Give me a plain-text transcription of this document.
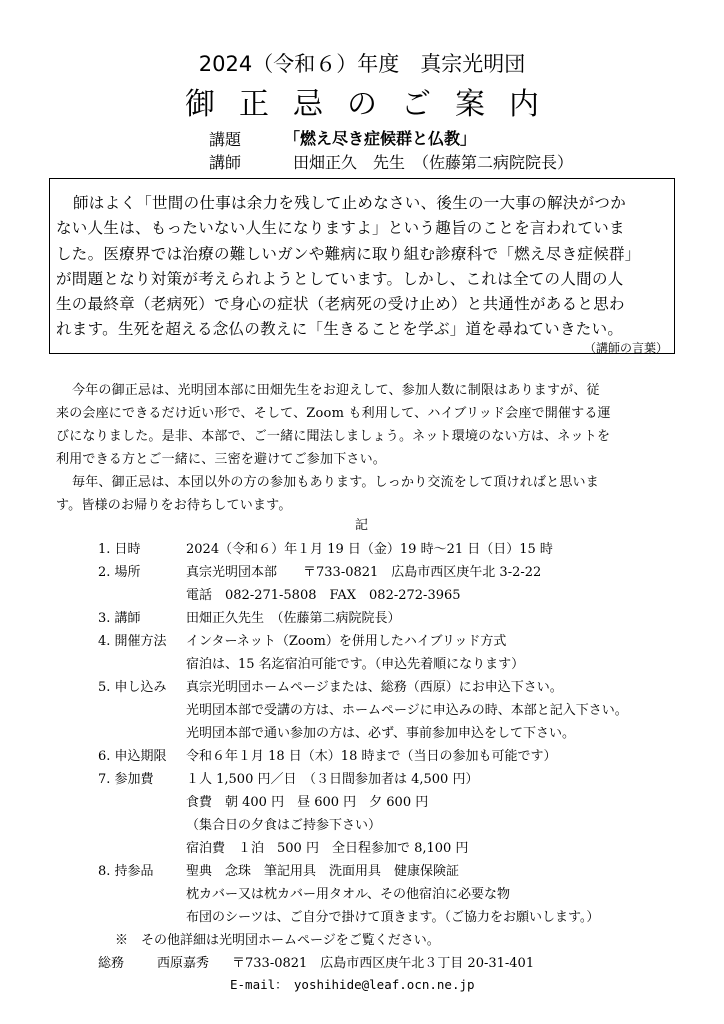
2024（令和６）年度　真宗光明団
御正忌のご案内
講題	「燃え尽き症候群と仏教」
講師	田畑正久　先生　（佐藤第二病院院長）
師はよく「世間の仕事は余力を残して止めなさい、後生の一大事の解決がつか
ない人生は、もったいない人生になりますよ」という趣旨のことを言われていま
した。医療界では治療の難しいガンや難病に取り組む診療科で「燃え尽き症候群」
が問題となり対策が考えられようとしています。しかし、これは全ての人間の人
生の最終章（老病死）で身心の症状（老病死の受け止め）と共通性があると思わ
れます。生死を超える念仏の教えに「生きることを学ぶ」道を尋ねていきたい。
（講師の言葉）
今年の御正忌は、光明団本部に田畑先生をお迎えして、参加人数に制限はありますが、従
来の会座にできるだけ近い形で、そして、Zoom も利用して、ハイブリッド会座で開催する運
びになりました。是非、本部で、ご一緒に聞法しましょう。ネット環境のない方は、ネットを
利用できる方とご一緒に、三密を避けてご参加下さい。
毎年、御正忌は、本団以外の方の参加もあります。しっかり交流をして頂ければと思いま
す。皆様のお帰りをお待ちしています。
記
1. 日時	2024（令和６）年１月 19 日（金）19 時〜21 日（日）15 時
2. 場所	真宗光明団本部　　〒733-0821　広島市西区庚午北 3-2-22
電話　082-271-5808　FAX　082-272-3965
3. 講師	田畑正久先生　（佐藤第二病院院長）
4. 開催方法 インターネット（Zoom）を併用したハイブリッド方式
宿泊は、15 名迄宿泊可能です。（申込先着順になります）
5. 申し込み 真宗光明団ホームページまたは、総務（西原）にお申込下さい。
光明団本部で受講の方は、ホームページに申込みの時、本部と記入下さい。
光明団本部で通い参加の方は、必ず、事前参加申込をして下さい。
6. 申込期限 令和６年１月 18 日（木）18 時まで（当日の参加も可能です）
7. 参加費 １人 1,500 円／日　（３日間参加者は 4,500 円）
食費　朝 400 円　昼 600 円　夕 600 円
（集合日の夕食はご持参下さい）
宿泊費　１泊　500 円　全日程参加で 8,100 円
8. 持参品 聖典　念珠　筆記用具　洗面用具　健康保険証
枕カバー又は枕カバー用タオル、その他宿泊に必要な物
布団のシーツは、ご自分で掛けて頂きます。（ご協力をお願いします。）
※　その他詳細は光明団ホームページをご覧ください。
総務	西原嘉秀 〒733-0821　広島市西区庚午北３丁目 20-31-401
E-mail：　yoshihide@leaf.ocn.ne.jp
